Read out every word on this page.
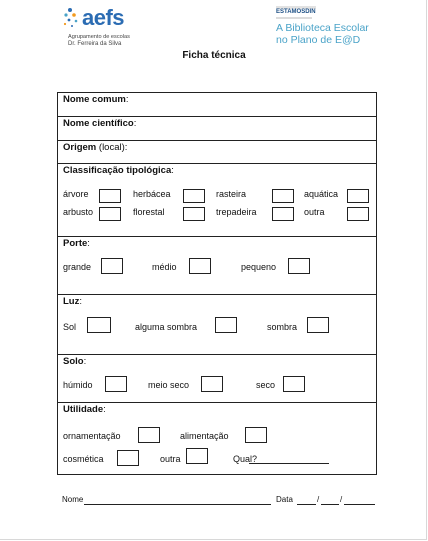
aefs
Agrupamento de escolas
Dr. Ferreira da Silva
ESTAMOSDIN
A Biblioteca Escolar
no Plano de E@D
Ficha técnica
Nome comum:
Nome científico:
Origem (local):
Classificação tipológica:
árvore	herbácea	rasteira	aquática
arbusto	florestal	trepadeira	outra
Porte:
grande	médio	pequeno
Luz:
Sol	alguma sombra	sombra
Solo:
húmido	meio seco	seco
Utilidade:
ornamentação	alimentação
cosmética	outra	Qual?
Nome	Data	/	/
